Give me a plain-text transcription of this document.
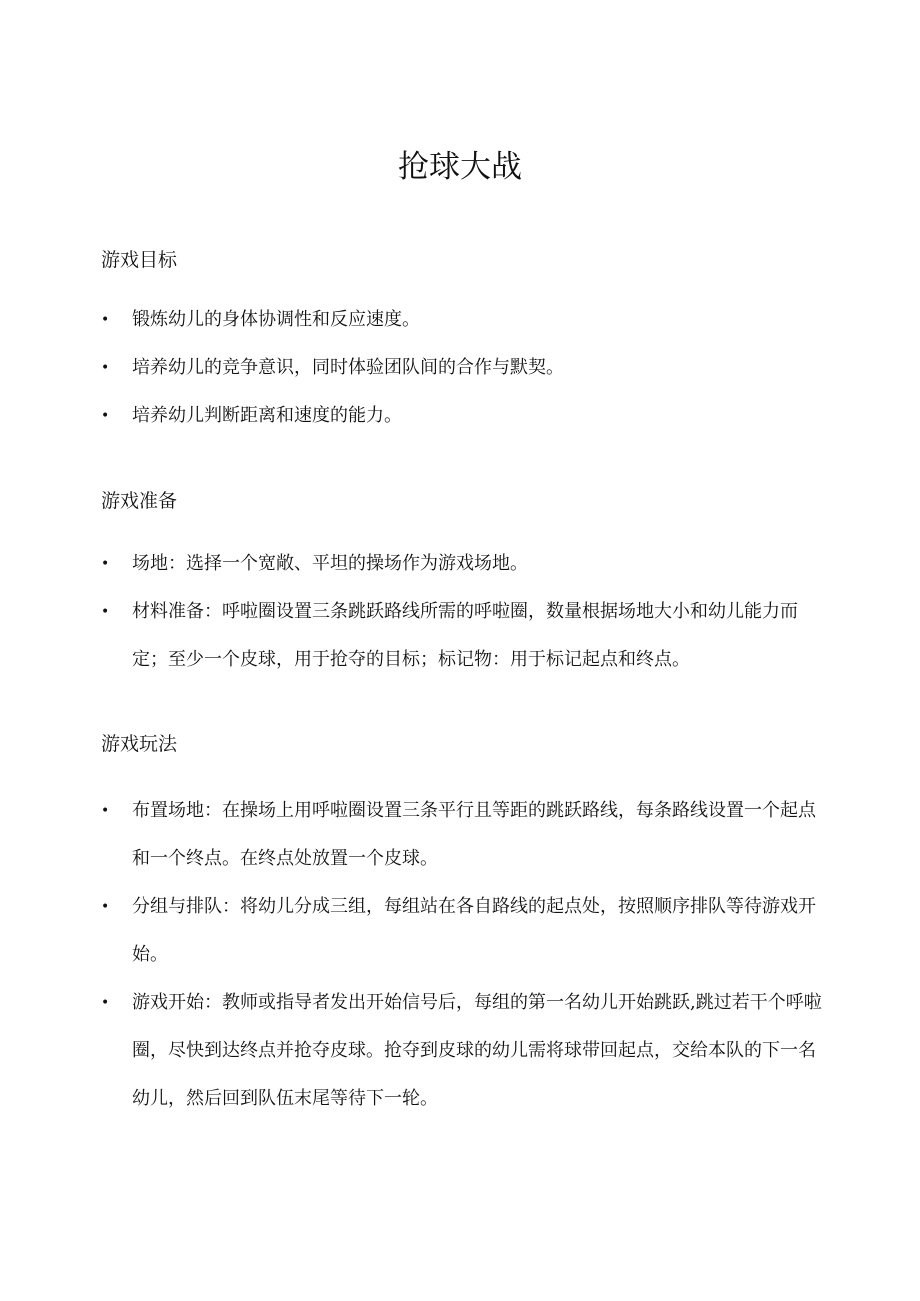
抢球大战
游戏目标
• 锻炼幼儿的身体协调性和反应速度。
• 培养幼儿的竞争意识，同时体验团队间的合作与默契。
• 培养幼儿判断距离和速度的能力。
游戏准备
• 场地：选择一个宽敞、平坦的操场作为游戏场地。
• 材料准备：呼啦圈设置三条跳跃路线所需的呼啦圈，数量根据场地大小和幼儿能力而定；至少一个皮球，用于抢夺的目标；标记物：用于标记起点和终点。
游戏玩法
• 布置场地：在操场上用呼啦圈设置三条平行且等距的跳跃路线，每条路线设置一个起点和一个终点。在终点处放置一个皮球。
• 分组与排队：将幼儿分成三组，每组站在各自路线的起点处，按照顺序排队等待游戏开始。
• 游戏开始：教师或指导者发出开始信号后，每组的第一名幼儿开始跳跃,跳过若干个呼啦圈，尽快到达终点并抢夺皮球。抢夺到皮球的幼儿需将球带回起点，交给本队的下一名幼儿，然后回到队伍末尾等待下一轮。
